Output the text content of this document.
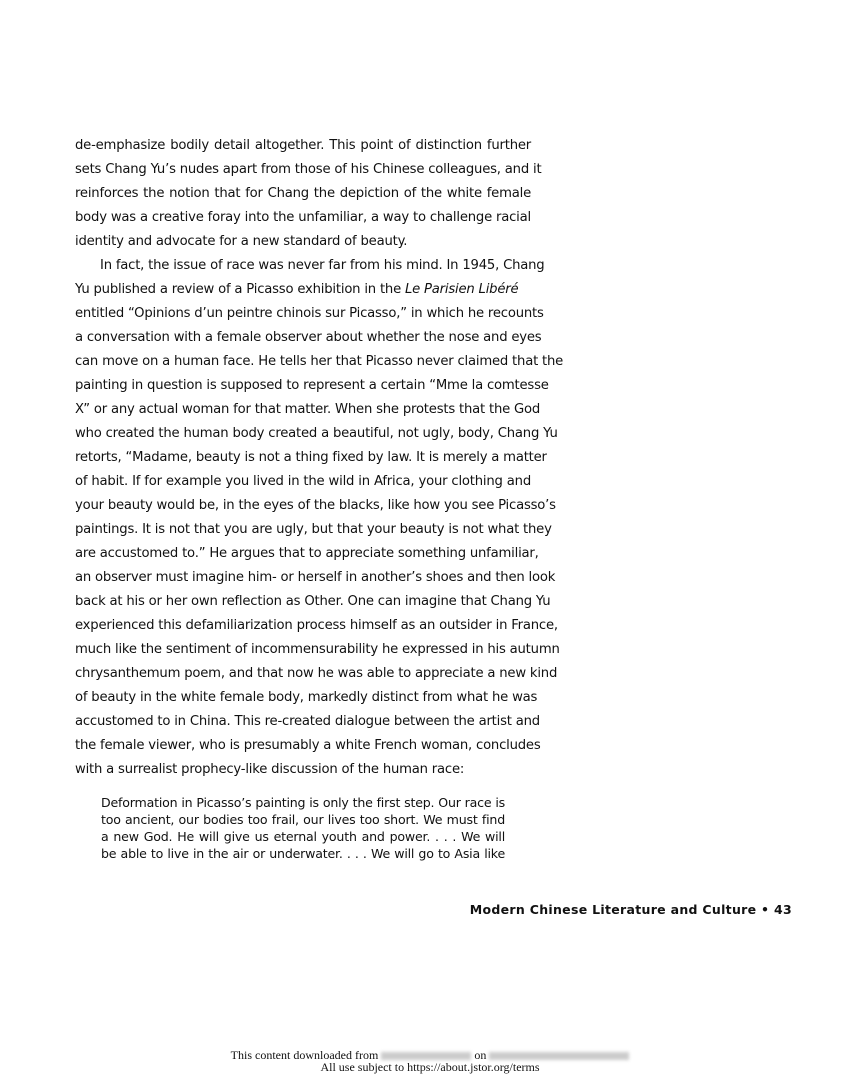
de-emphasize bodily detail altogether. This point of distinction further
sets Chang Yu’s nudes apart from those of his Chinese colleagues, and it
reinforces the notion that for Chang the depiction of the white female
body was a creative foray into the unfamiliar, a way to challenge racial
identity and advocate for a new standard of beauty.
In fact, the issue of race was never far from his mind. In 1945, Chang
Yu published a review of a Picasso exhibition in the Le Parisien Libéré
entitled “Opinions d’un peintre chinois sur Picasso,” in which he recounts
a conversation with a female observer about whether the nose and eyes
can move on a human face. He tells her that Picasso never claimed that the
painting in question is supposed to represent a certain “Mme la comtesse
X” or any actual woman for that matter. When she protests that the God
who created the human body created a beautiful, not ugly, body, Chang Yu
retorts, “Madame, beauty is not a thing fixed by law. It is merely a matter
of habit. If for example you lived in the wild in Africa, your clothing and
your beauty would be, in the eyes of the blacks, like how you see Picasso’s
paintings. It is not that you are ugly, but that your beauty is not what they
are accustomed to.” He argues that to appreciate something unfamiliar,
an observer must imagine him- or herself in another’s shoes and then look
back at his or her own reflection as Other. One can imagine that Chang Yu
experienced this defamiliarization process himself as an outsider in France,
much like the sentiment of incommensurability he expressed in his autumn
chrysanthemum poem, and that now he was able to appreciate a new kind
of beauty in the white female body, markedly distinct from what he was
accustomed to in China. This re-created dialogue between the artist and
the female viewer, who is presumably a white French woman, concludes
with a surrealist prophecy-like discussion of the human race:
Deformation in Picasso’s painting is only the first step. Our race is
too ancient, our bodies too frail, our lives too short. We must find
a new God. He will give us eternal youth and power. . . . We will
be able to live in the air or underwater. . . . We will go to Asia like
Modern Chinese Literature and Culture • 43
This content downloaded from	on
All use subject to https://about.jstor.org/terms
